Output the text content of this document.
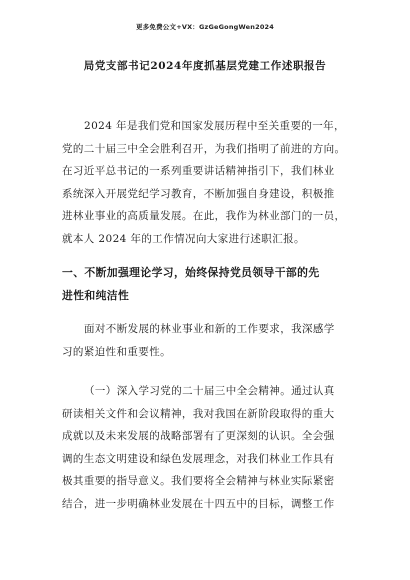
更多免费公文+VX：GzGeGongWen2024
局党支部书记2024年度抓基层党建工作述职报告
2024 年是我们党和国家发展历程中至关重要的一年，
党的二十届三中全会胜利召开，为我们指明了前进的方向。
在习近平总书记的一系列重要讲话精神指引下，我们林业
系统深入开展党纪学习教育，不断加强自身建设，积极推
进林业事业的高质量发展。在此，我作为林业部门的一员，
就本人 2024 年的工作情况向大家进行述职汇报。
一、不断加强理论学习，始终保持党员领导干部的先
进性和纯洁性
面对不断发展的林业事业和新的工作要求，我深感学
习的紧迫性和重要性。
（一）深入学习党的二十届三中全会精神。通过认真
研读相关文件和会议精神，我对我国在新阶段取得的重大
成就以及未来发展的战略部署有了更深刻的认识。全会强
调的生态文明建设和绿色发展理念，对我们林业工作具有
极其重要的指导意义。我们要将全会精神与林业实际紧密
结合，进一步明确林业发展在十四五中的目标，调整工作
